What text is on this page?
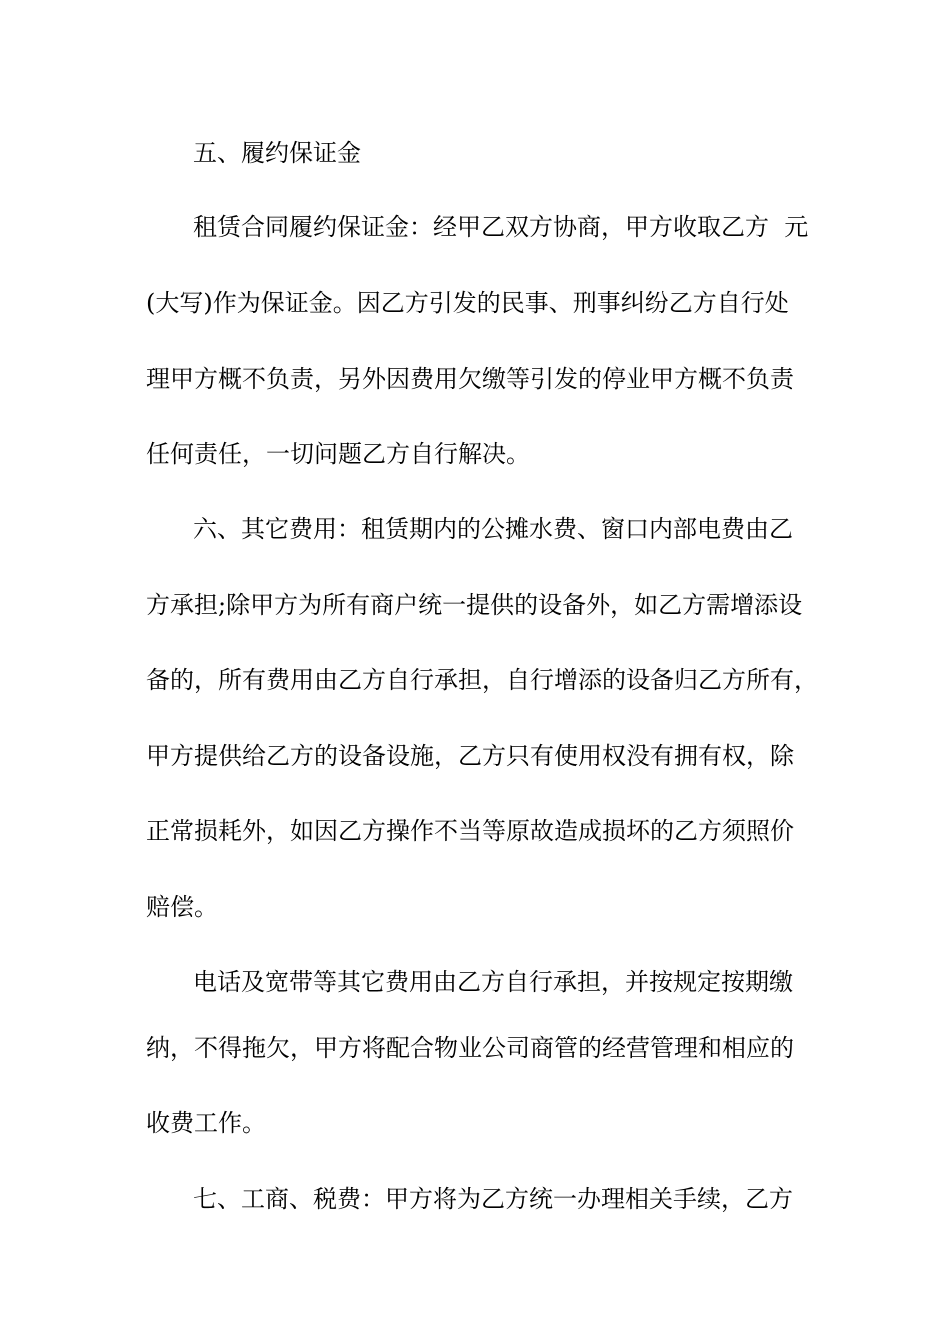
五、履约保证金

租赁合同履约保证金：经甲乙双方协商，甲方收取乙方  元

(大写)作为保证金。因乙方引发的民事、刑事纠纷乙方自行处

理甲方概不负责，另外因费用欠缴等引发的停业甲方概不负责

任何责任，一切问题乙方自行解决。

六、其它费用：租赁期内的公摊水费、窗口内部电费由乙

方承担;除甲方为所有商户统一提供的设备外，如乙方需增添设

备的，所有费用由乙方自行承担，自行增添的设备归乙方所有，

甲方提供给乙方的设备设施，乙方只有使用权没有拥有权，除

正常损耗外，如因乙方操作不当等原故造成损坏的乙方须照价

赔偿。

电话及宽带等其它费用由乙方自行承担，并按规定按期缴

纳，不得拖欠，甲方将配合物业公司商管的经营管理和相应的

收费工作。

七、工商、税费：甲方将为乙方统一办理相关手续，乙方
